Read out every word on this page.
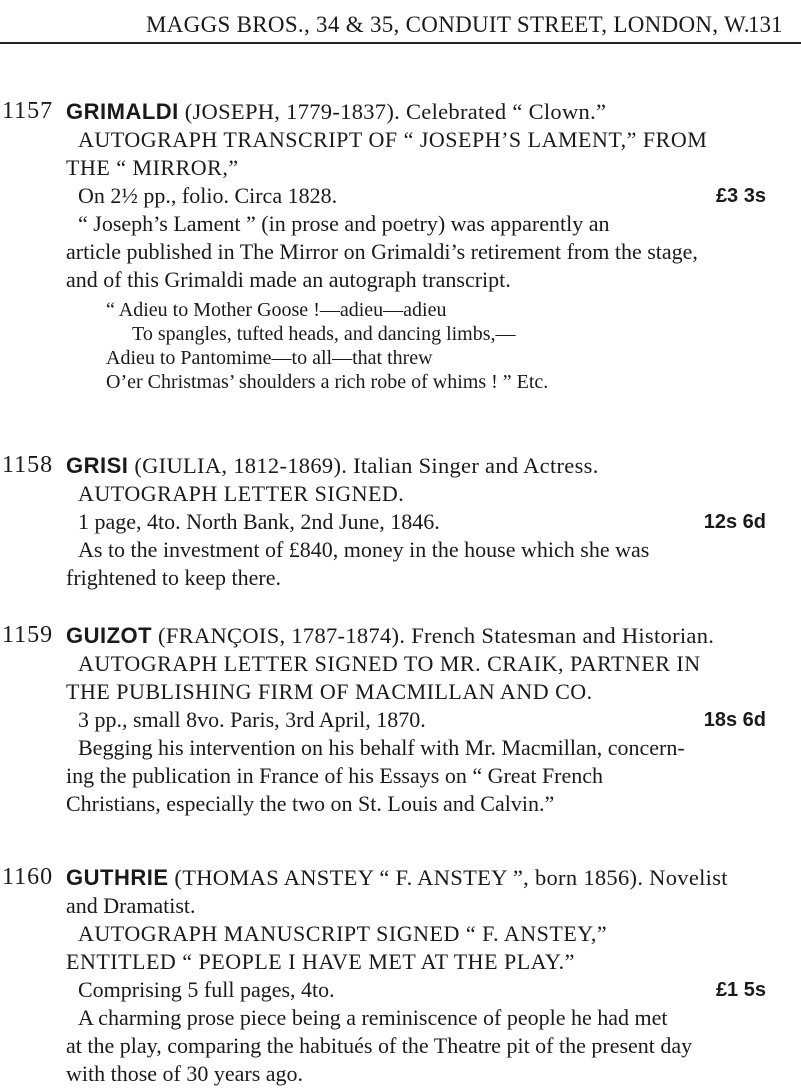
MAGGS BROS., 34 & 35, CONDUIT STREET, LONDON, W.
131
1157 GRIMALDI (JOSEPH, 1779-1837). Celebrated “ Clown.”
AUTOGRAPH TRANSCRIPT OF “ JOSEPH’S LAMENT,” FROM
THE “ MIRROR,”
On 2½ pp., folio. Circa 1828.	£3 3s
“ Joseph’s Lament ” (in prose and poetry) was apparently an
article published in The Mirror on Grimaldi’s retirement from the stage,
and of this Grimaldi made an autograph transcript.
“ Adieu to Mother Goose !—adieu—adieu
To spangles, tufted heads, and dancing limbs,—
Adieu to Pantomime—to all—that threw
O’er Christmas’ shoulders a rich robe of whims ! ” Etc.
1158 GRISI (GIULIA, 1812-1869). Italian Singer and Actress.
AUTOGRAPH LETTER SIGNED.
1 page, 4to. North Bank, 2nd June, 1846.	12s 6d
As to the investment of £840, money in the house which she was
frightened to keep there.
1159 GUIZOT (FRANÇOIS, 1787-1874). French Statesman and Historian.
AUTOGRAPH LETTER SIGNED TO MR. CRAIK, PARTNER IN
THE PUBLISHING FIRM OF MACMILLAN AND CO.
3 pp., small 8vo. Paris, 3rd April, 1870.	18s 6d
Begging his intervention on his behalf with Mr. Macmillan, concern-
ing the publication in France of his Essays on “ Great French
Christians, especially the two on St. Louis and Calvin.”
1160 GUTHRIE (THOMAS ANSTEY “ F. ANSTEY ”, born 1856). Novelist
and Dramatist.
AUTOGRAPH MANUSCRIPT SIGNED “ F. ANSTEY,”
ENTITLED “ PEOPLE I HAVE MET AT THE PLAY.”
Comprising 5 full pages, 4to.	£1 5s
A charming prose piece being a reminiscence of people he had met
at the play, comparing the habitués of the Theatre pit of the present day
with those of 30 years ago.
